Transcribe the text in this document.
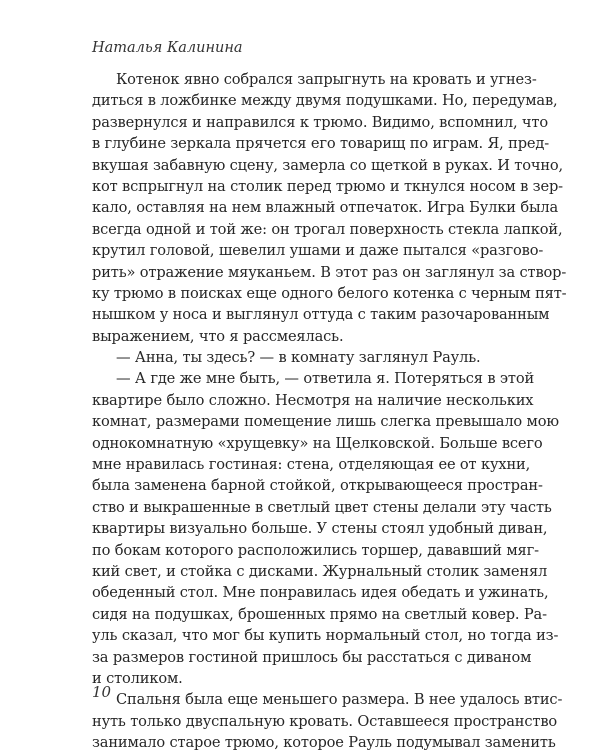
Наталья Калинина
Котенок явно собрался запрыгнуть на кровать и угнез-
диться в ложбинке между двумя подушками. Но, передумав,
развернулся и направился к трюмо. Видимо, вспомнил, что
в глубине зеркала прячется его товарищ по играм. Я, пред-
вкушая забавную сцену, замерла со щеткой в руках. И точно,
кот вспрыгнул на столик перед трюмо и ткнулся носом в зер-
кало, оставляя на нем влажный отпечаток. Игра Булки была
всегда одной и той же: он трогал поверхность стекла лапкой,
крутил головой, шевелил ушами и даже пытался «разгово-
рить» отражение мяуканьем. В этот раз он заглянул за створ-
ку трюмо в поисках еще одного белого котенка с черным пят-
нышком у носа и выглянул оттуда с таким разочарованным
выражением, что я рассмеялась.
— Анна, ты здесь? — в комнату заглянул Рауль.
— А где же мне быть, — ответила я. Потеряться в этой
квартире было сложно. Несмотря на наличие нескольких
комнат, размерами помещение лишь слегка превышало мою
однокомнатную «хрущевку» на Щелковской. Больше всего
мне нравилась гостиная: стена, отделяющая ее от кухни,
была заменена барной стойкой, открывающееся простран-
ство и выкрашенные в светлый цвет стены делали эту часть
квартиры визуально больше. У стены стоял удобный диван,
по бокам которого расположились торшер, дававший мяг-
кий свет, и стойка с дисками. Журнальный столик заменял
обеденный стол. Мне понравилась идея обедать и ужинать,
сидя на подушках, брошенных прямо на светлый ковер. Ра-
уль сказал, что мог бы купить нормальный стол, но тогда из-
за размеров гостиной пришлось бы расстаться с диваном
и столиком.
Спальня была еще меньшего размера. В нее удалось втис-
нуть только двуспальную кровать. Оставшееся пространство
занимало старое трюмо, которое Рауль подумывал заменить
10
